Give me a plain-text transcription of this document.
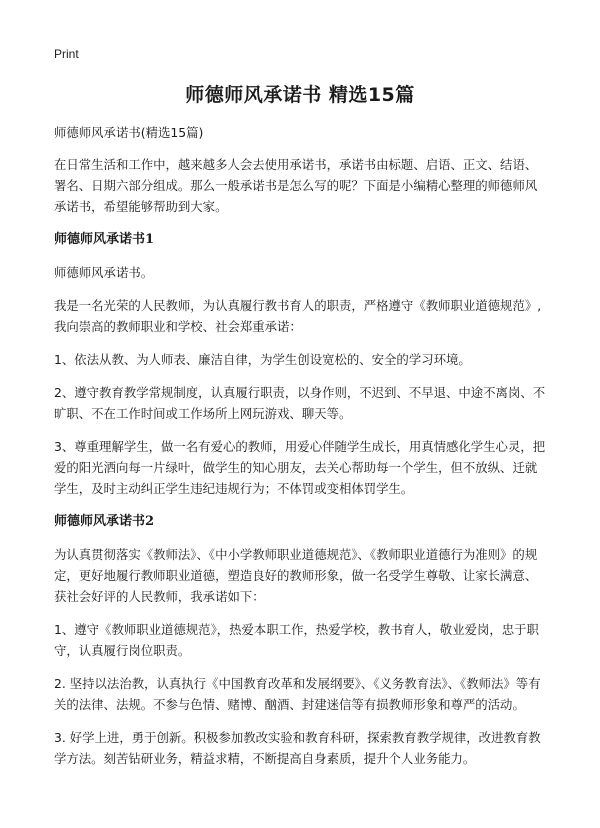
Print
师德师风承诺书 精选15篇

师德师风承诺书(精选15篇)

在日常生活和工作中，越来越多人会去使用承诺书，承诺书由标题、启语、正文、结语、署名、日期六部分组成。那么一般承诺书是怎么写的呢？下面是小编精心整理的师德师风承诺书，希望能够帮助到大家。

师德师风承诺书1

师德师风承诺书。

我是一名光荣的人民教师，为认真履行教书育人的职责，严格遵守《教师职业道德规范》,我向崇高的教师职业和学校、社会郑重承诺：

1、依法从教、为人师表、廉洁自律，为学生创设宽松的、安全的学习环境。

2、遵守教育教学常规制度，认真履行职责，以身作则，不迟到、不早退、中途不离岗、不旷职、不在工作时间或工作场所上网玩游戏、聊天等。

3、尊重理解学生，做一名有爱心的教师，用爱心伴随学生成长，用真情感化学生心灵，把爱的阳光洒向每一片绿叶，做学生的知心朋友，去关心帮助每一个学生，但不放纵、迁就学生，及时主动纠正学生违纪违规行为；不体罚或变相体罚学生。

师德师风承诺书2

为认真贯彻落实《教师法》、《中小学教师职业道德规范》、《教师职业道德行为准则》的规定，更好地履行教师职业道德，塑造良好的教师形象，做一名受学生尊敬、让家长满意、获社会好评的人民教师，我承诺如下：

1、遵守《教师职业道德规范》，热爱本职工作，热爱学校，教书育人，敬业爱岗，忠于职守，认真履行岗位职责。

2. 坚持以法治教，认真执行《中国教育改革和发展纲要》、《义务教育法》、《教师法》等有关的法律、法规。不参与色情、赌博、酗酒、封建迷信等有损教师形象和尊严的活动。

3. 好学上进，勇于创新。积极参加教改实验和教育科研，探索教育教学规律，改进教育教学方法。刻苦钻研业务，精益求精，不断提高自身素质，提升个人业务能力。
